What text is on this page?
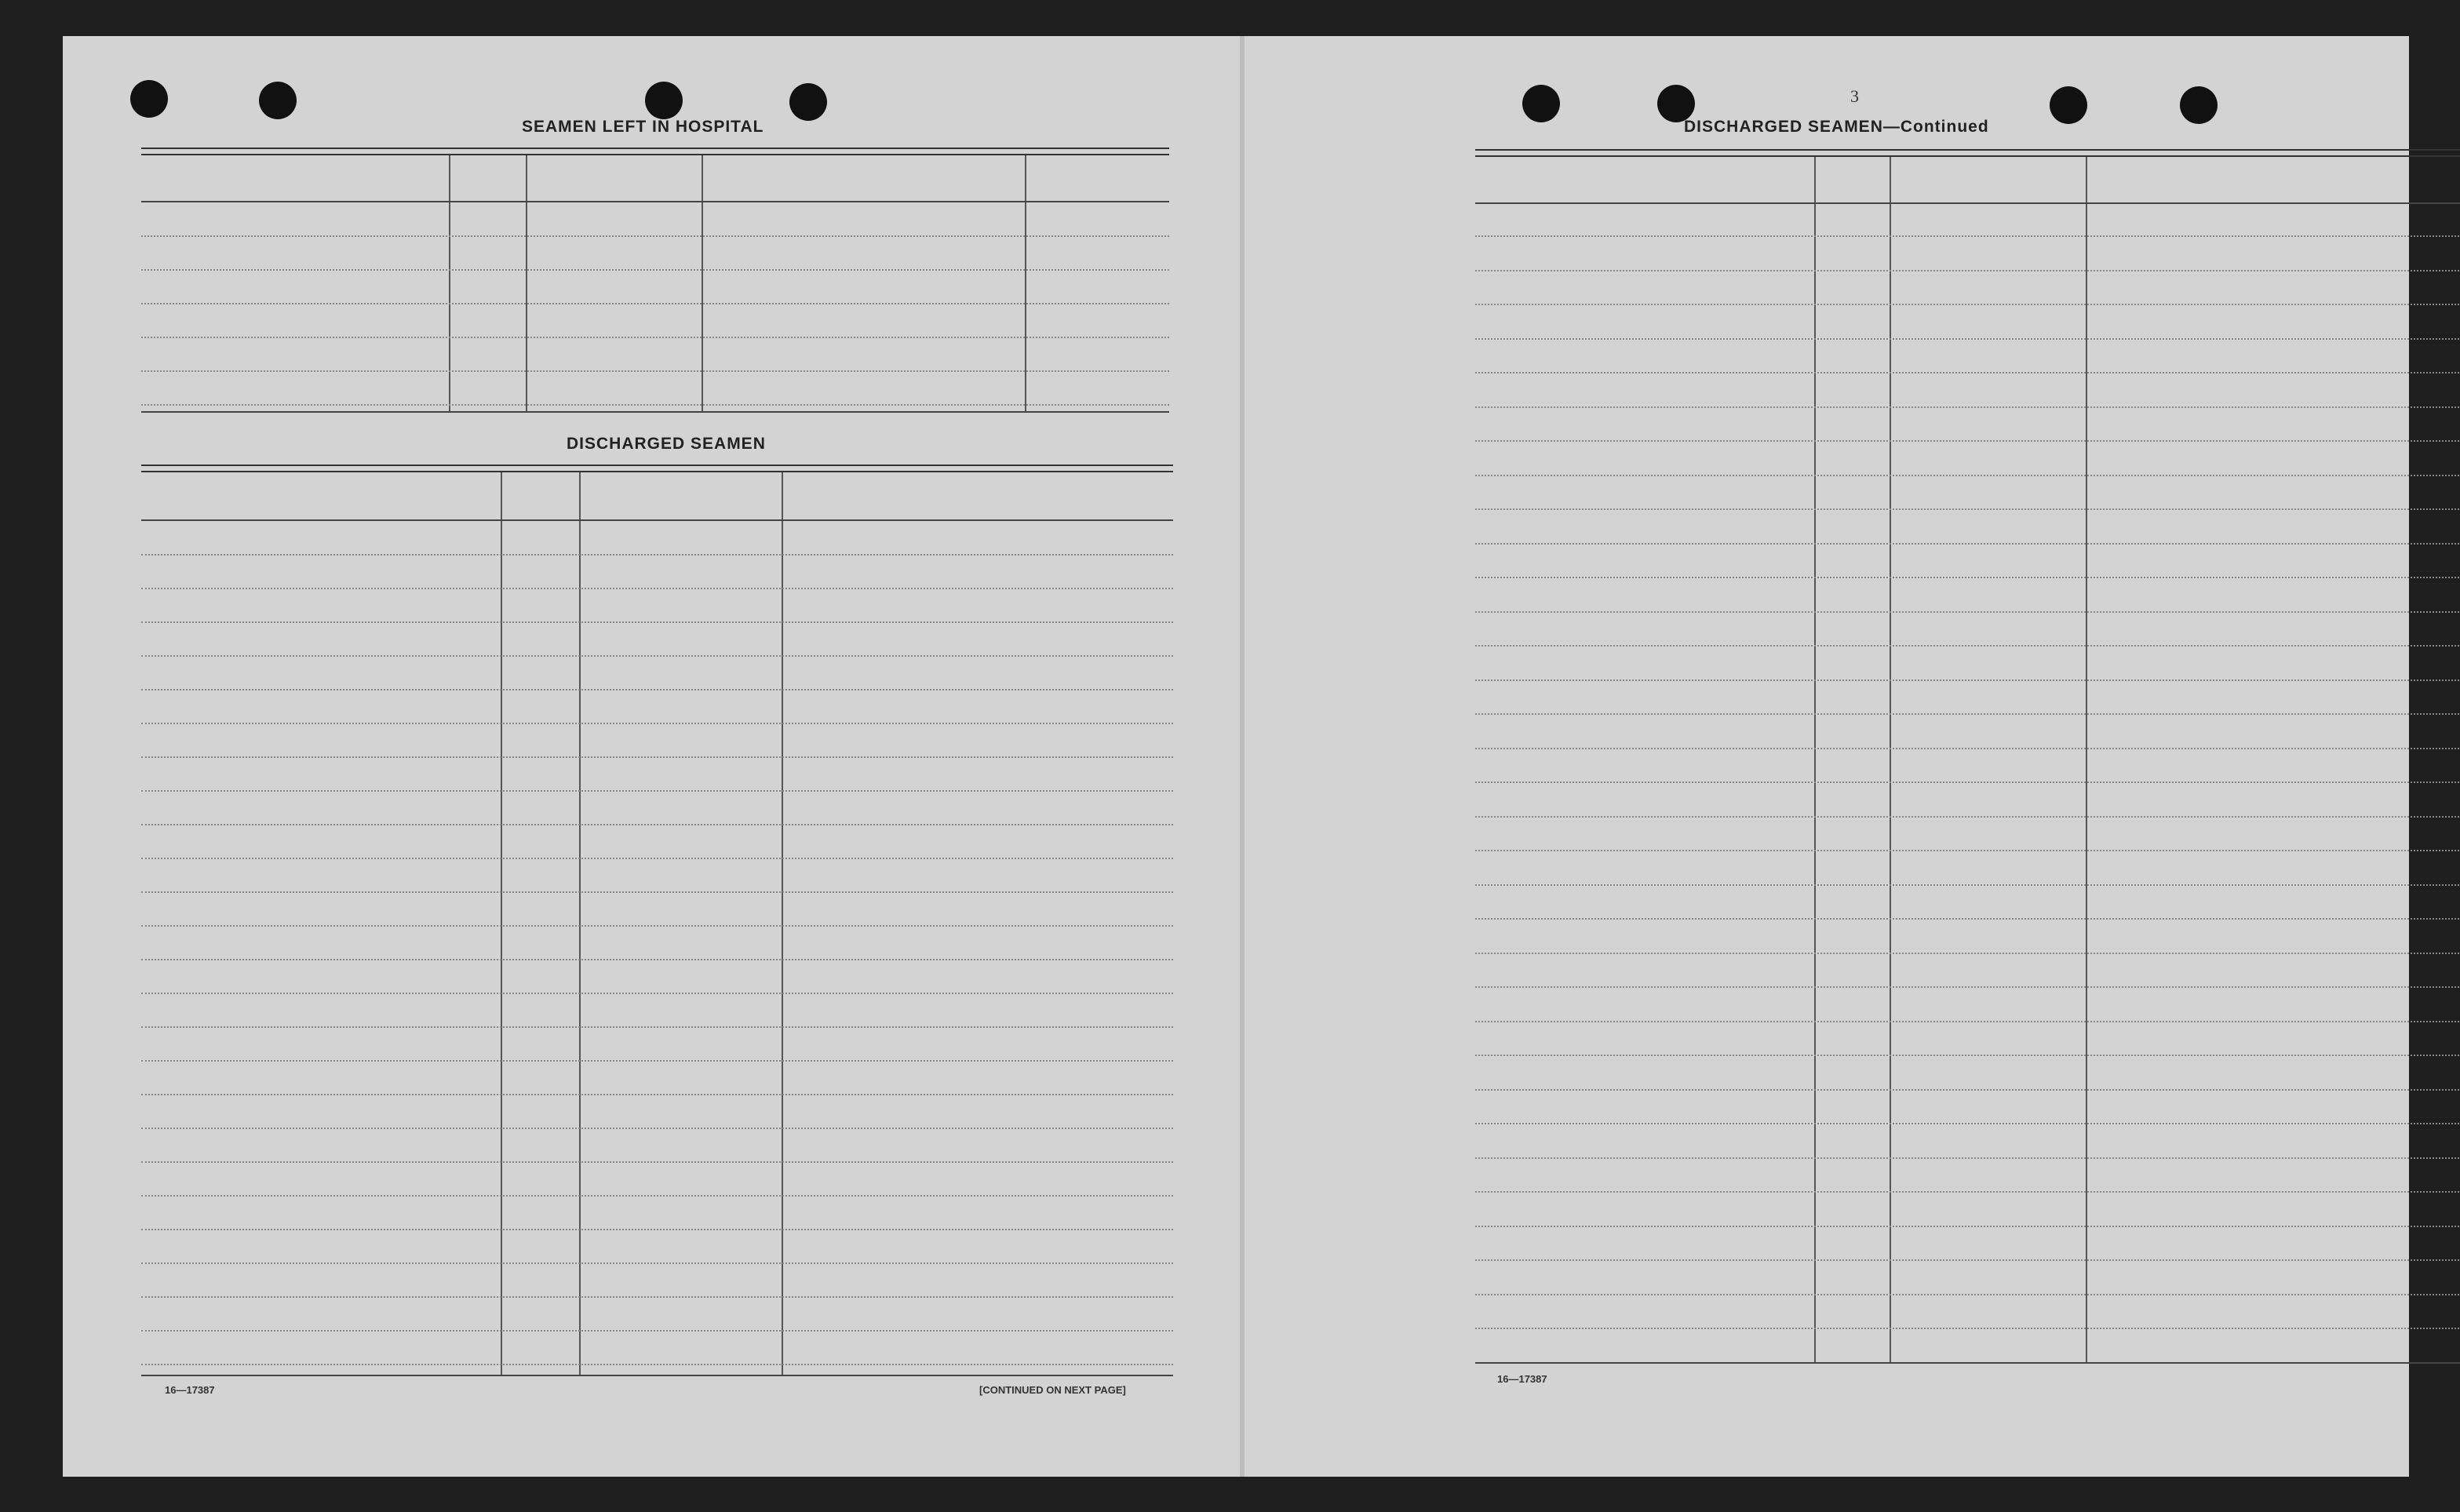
SEAMEN LEFT IN HOSPITAL
DISCHARGED SEAMEN
16—17387	[CONTINUED ON NEXT PAGE]
3
DISCHARGED SEAMEN—Continued
16—17387
